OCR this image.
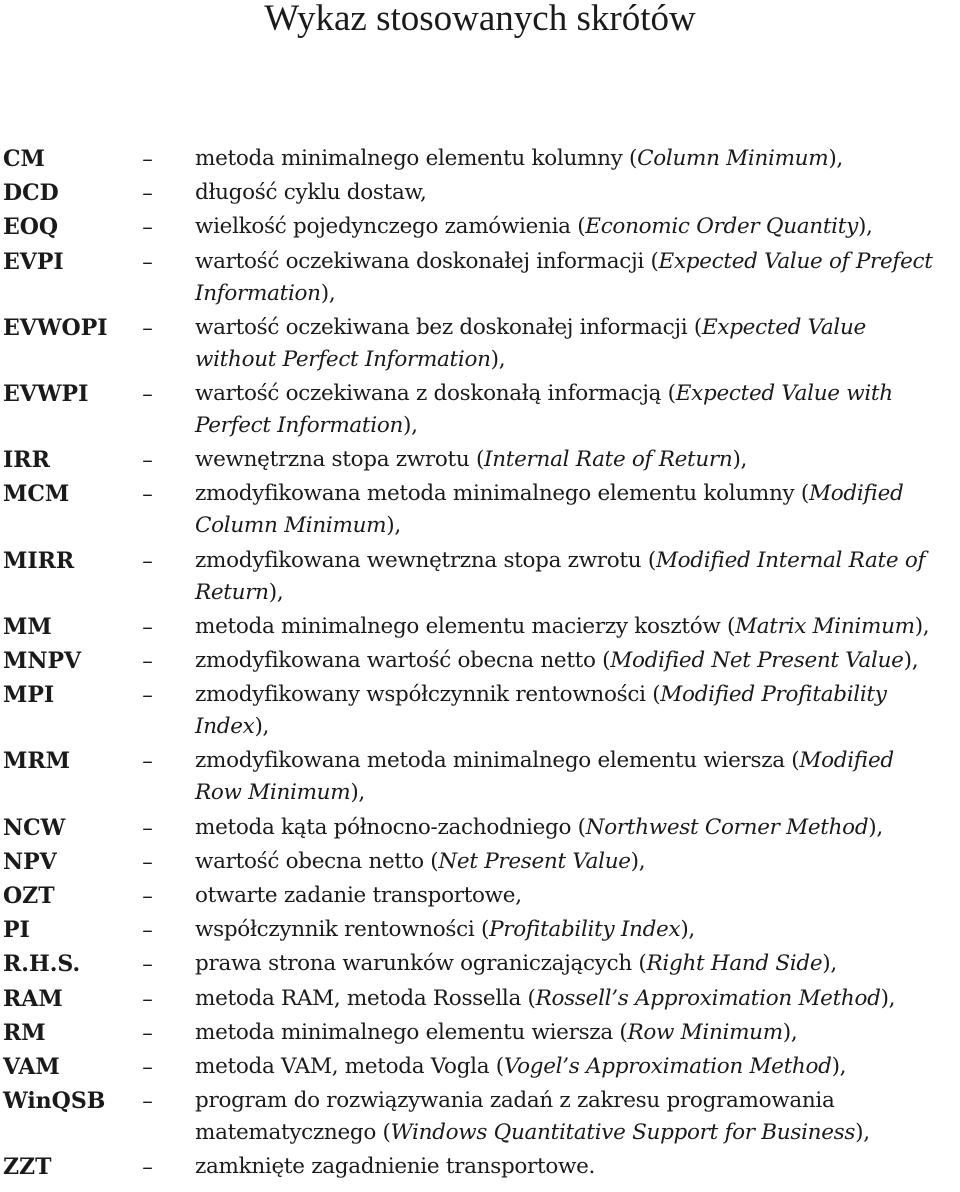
Wykaz stosowanych skrótów
CM	–	metoda minimalnego elementu kolumny (Column Minimum),
DCD	–	długość cyklu dostaw,
EOQ	–	wielkość pojedynczego zamówienia (Economic Order Quantity),
EVPI	–	wartość oczekiwana doskonałej informacji (Expected Value of Prefect
Information),
EVWOPI	–	wartość oczekiwana bez doskonałej informacji (Expected Value
without Perfect Information),
EVWPI	–	wartość oczekiwana z doskonałą informacją (Expected Value with
Perfect Information),
IRR	–	wewnętrzna stopa zwrotu (Internal Rate of Return),
MCM	–	zmodyfikowana metoda minimalnego elementu kolumny (Modified
Column Minimum),
MIRR	–	zmodyfikowana wewnętrzna stopa zwrotu (Modified Internal Rate of
Return),
MM	–	metoda minimalnego elementu macierzy kosztów (Matrix Minimum),
MNPV	–	zmodyfikowana wartość obecna netto (Modified Net Present Value),
MPI	–	zmodyfikowany współczynnik rentowności (Modified Profitability
Index),
MRM	–	zmodyfikowana metoda minimalnego elementu wiersza (Modified
Row Minimum),
NCW	–	metoda kąta północno-zachodniego (Northwest Corner Method),
NPV	–	wartość obecna netto (Net Present Value),
OZT	–	otwarte zadanie transportowe,
PI	–	współczynnik rentowności (Profitability Index),
R.H.S.	–	prawa strona warunków ograniczających (Right Hand Side),
RAM	–	metoda RAM, metoda Rossella (Rossell’s Approximation Method),
RM	–	metoda minimalnego elementu wiersza (Row Minimum),
VAM	–	metoda VAM, metoda Vogla (Vogel’s Approximation Method),
WinQSB	–	program do rozwiązywania zadań z zakresu programowania
matematycznego (Windows Quantitative Support for Business),
ZZT	–	zamknięte zagadnienie transportowe.
